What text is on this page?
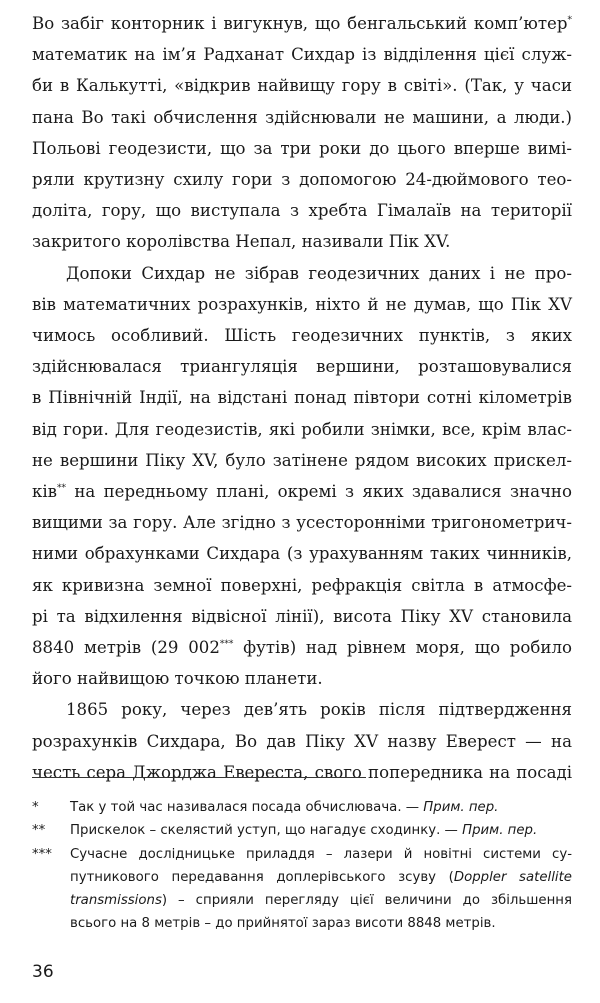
Во забіг конторник і вигукнув, що бенгальський комп’ютер*
математик на ім’я Радханат Сихдар із відділення цієї служ-
би в Калькутті, «відкрив найвищу гору в світі». (Так, у часи
пана Во такі обчислення здійснювали не машини, а люди.)
Польові геодезисти, що за три роки до цього вперше вимі-
ряли крутизну схилу гори з допомогою 24-дюймового тео-
доліта, гору, що виступала з хребта Гімалаїв на території
закритого королівства Непал, називали Пік XV.

Допоки Сихдар не зібрав геодезичних даних і не про-
вів математичних розрахунків, ніхто й не думав, що Пік XV
чимось особливий. Шість геодезичних пунктів, з яких
здійснювалася триангуляція вершини, розташовувалися
в Північній Індії, на відстані понад півтори сотні кілометрів
від гори. Для геодезистів, які робили знімки, все, крім влас-
не вершини Піку XV, було затінене рядом високих прискел-
ків** на передньому плані, окремі з яких здавалися значно
вищими за гору. Але згідно з усесторонніми тригонометрич-
ними обрахунками Сихдара (з урахуванням таких чинників,
як кривизна земної поверхні, рефракція світла в атмосфе-
рі та відхилення відвісної лінії), висота Піку XV становила
8840 метрів (29 002*** футів) над рівнем моря, що робило
його найвищою точкою планети.

1865 року, через дев’ять років після підтвердження
розрахунків Сихдара, Во дав Піку XV назву Еверест — на
честь сера Джорджа Евереста, свого попередника на посаді

*	Так у той час називалася посада обчислювача. — Прим. пер.
**	Прискелок – скелястий уступ, що нагадує сходинку. — Прим. пер.
***	Сучасне дослідницьке приладдя – лазери й новітні системи су-
путникового передавання доплерівського зсуву (Doppler satellite
transmissions) – сприяли перегляду цієї величини до збільшення
всього на 8 метрів – до прийнятої зараз висоти 8848 метрів.
36
